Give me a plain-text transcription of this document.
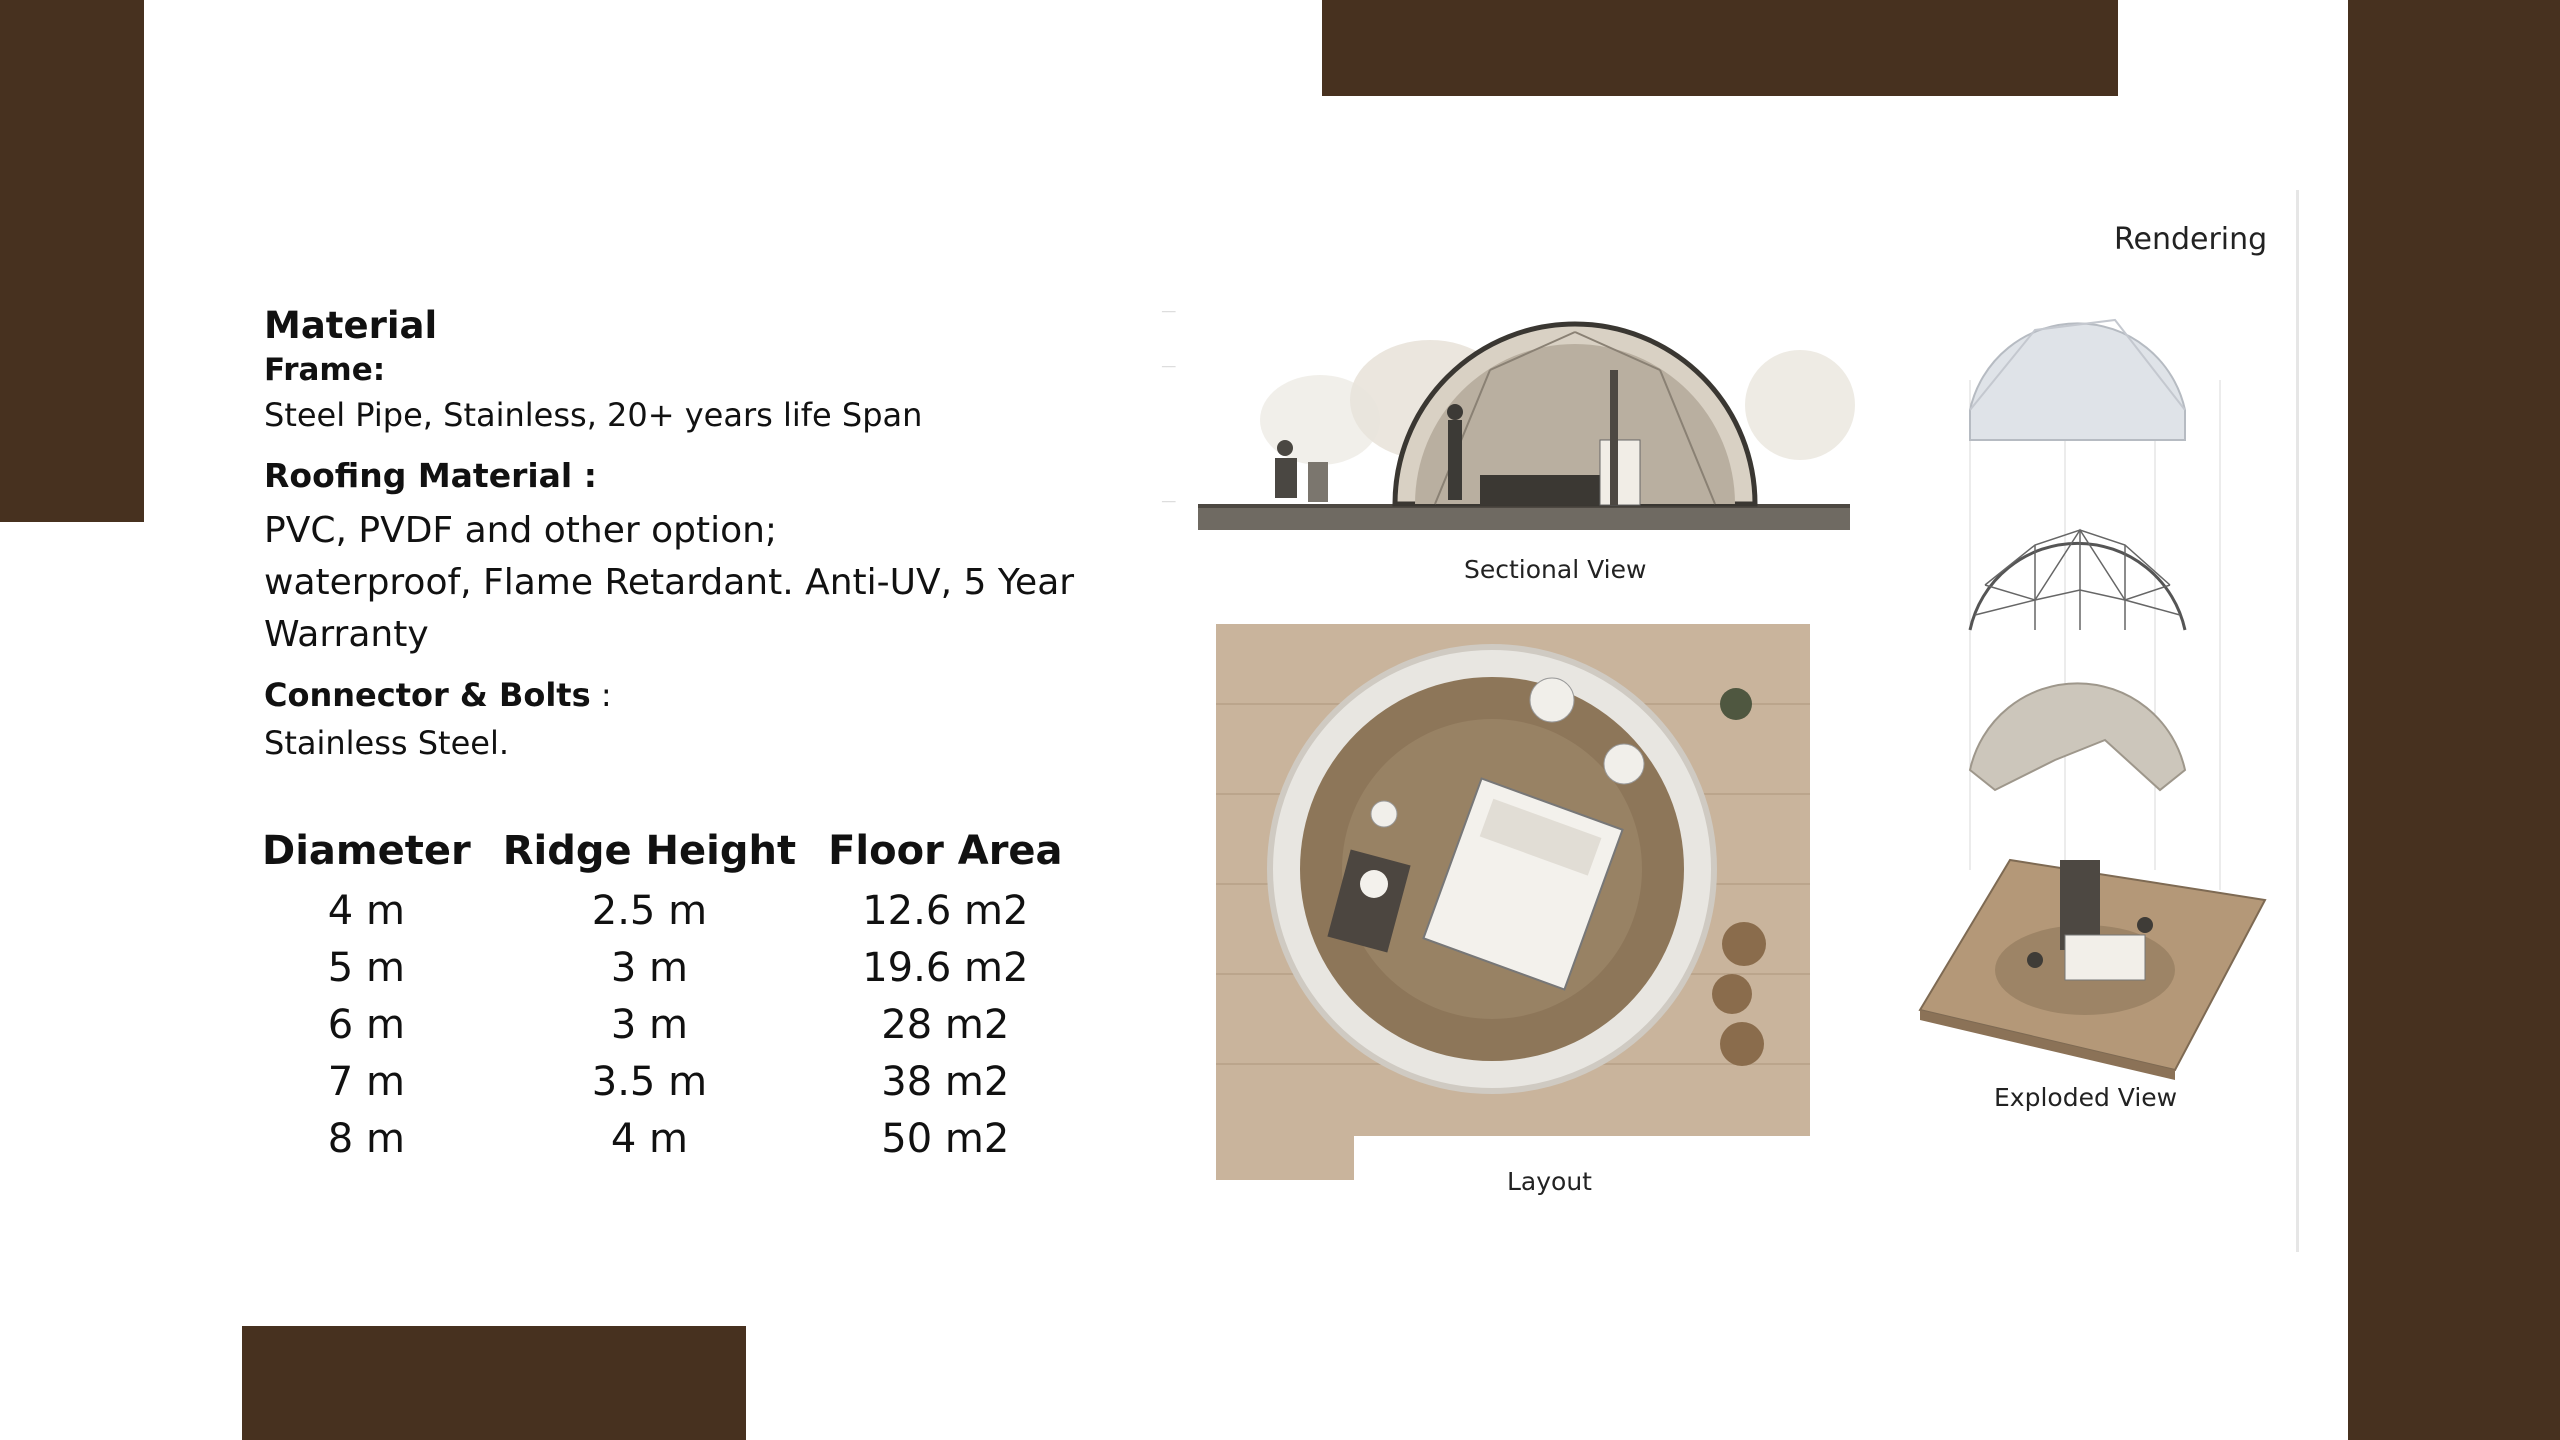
Material
Frame:
Steel Pipe, Stainless, 20+ years life Span
Roofing Material :
PVC, PVDF and other option;
waterproof, Flame Retardant. Anti-UV, 5 Year
Warranty
Connector & Bolts :
Stainless Steel.
Diameter	Ridge Height	Floor Area
4 m	2.5 m	12.6 m2
5 m	3 m	19.6 m2
6 m	3 m	28 m2
7 m	3.5 m	38 m2
8 m	4 m	50 m2
___
___
___
Sectional View
Layout
Rendering
Exploded View
